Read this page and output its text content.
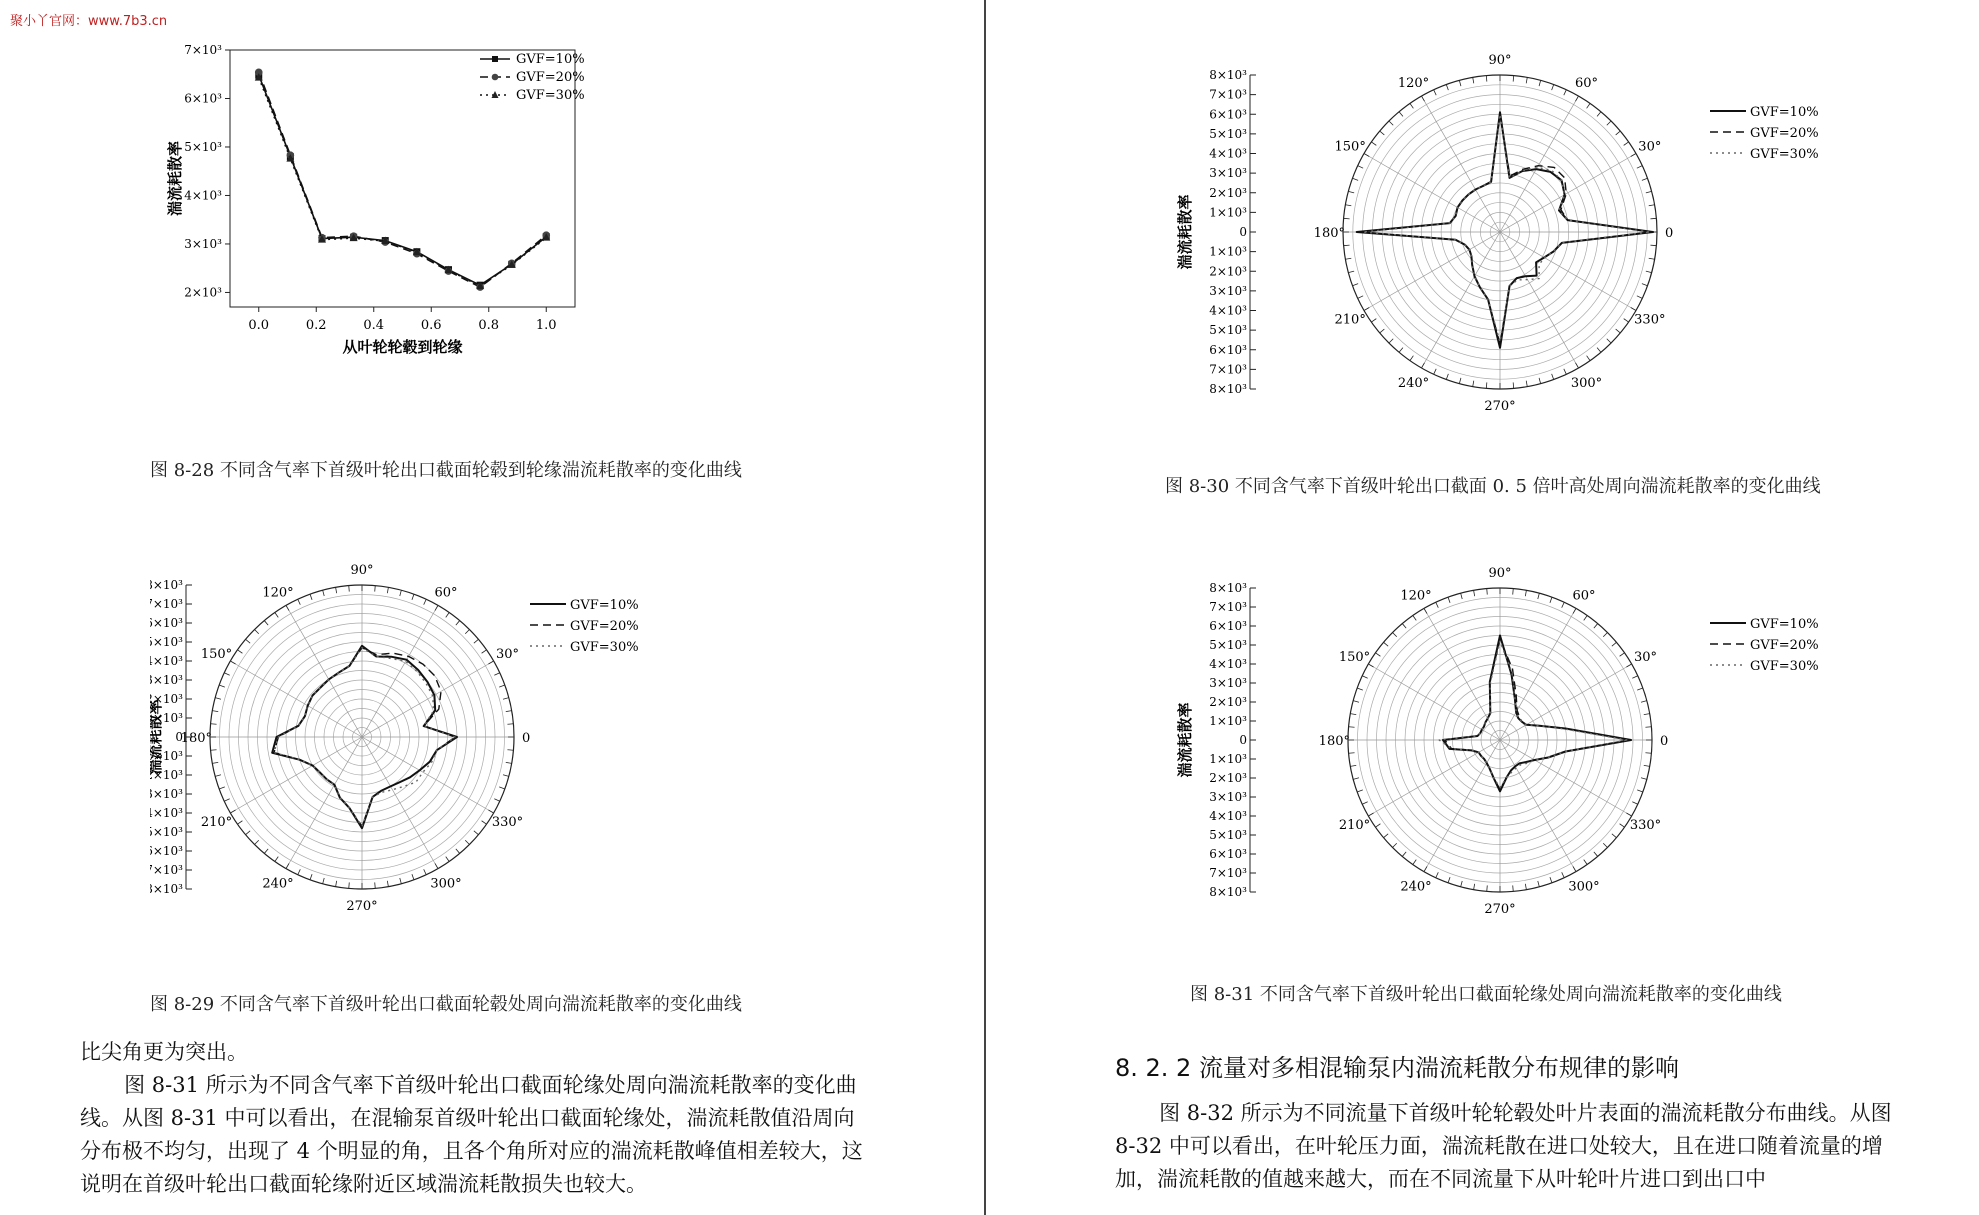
聚小丫官网：www.7b3.cn
0.0	0.2	0.4	0.6	0.8	1.0
2×10³
3×10³
4×10³
5×10³
6×10³
7×10³
从叶轮轮毂到轮缘
湍流耗散率
GVF=10%
GVF=20%
GVF=30%
图 8-28 不同含气率下首级叶轮出口截面轮毂到轮缘湍流耗散率的变化曲线
90°
120°	60°
150°	30°
180°	0
210°	330°
240°	300°
270°
×10³
×10³
×10³
×10³
×10³
×10³
×10³
×10³
0
×10³
×10³
×10³
×10³
×10³
×10³
×10³
×10³
湍流耗散率
GVF=10%
GVF=20%
GVF=30%
图 8-29 不同含气率下首级叶轮出口截面轮毂处周向湍流耗散率的变化曲线
90°
120°	60°
150°	30°
180°	0
210°	330°
240°	300°
270°
8×10³
7×10³
6×10³
5×10³
4×10³
3×10³
2×10³
1×10³
0
1×10³
2×10³
3×10³
4×10³
5×10³
6×10³
7×10³
8×10³
湍流耗散率
GVF=10%
GVF=20%
GVF=30%
图 8-30 不同含气率下首级叶轮出口截面 0. 5 倍叶高处周向湍流耗散率的变化曲线
90°
120°	60°
150°	30°
180°	0
210°	330°
240°	300°
270°
8×10³
7×10³
6×10³
5×10³
4×10³
3×10³
2×10³
1×10³
0
1×10³
2×10³
3×10³
4×10³
5×10³
6×10³
7×10³
8×10³
湍流耗散率
GVF=10%
GVF=20%
GVF=30%
图 8-31 不同含气率下首级叶轮出口截面轮缘处周向湍流耗散率的变化曲线

比尖角更为突出。

图 8-31 所示为不同含气率下首级叶轮出口截面轮缘处周向湍流耗散率的变化曲线。从图 8-31 中可以看出，在混输泵首级叶轮出口截面轮缘处，湍流耗散值沿周向分布极不均匀，出现了 4 个明显的角，且各个角所对应的湍流耗散峰值相差较大，这说明在首级叶轮出口截面轮缘附近区域湍流耗散损失也较大。

8. 2. 2 流量对多相混输泵内湍流耗散分布规律的影响

图 8-32 所示为不同流量下首级叶轮轮毂处叶片表面的湍流耗散分布曲线。从图 8-32 中可以看出，在叶轮压力面，湍流耗散在进口处较大，且在进口随着流量的增加，湍流耗散的值越来越大，而在不同流量下从叶轮叶片进口到出口中
